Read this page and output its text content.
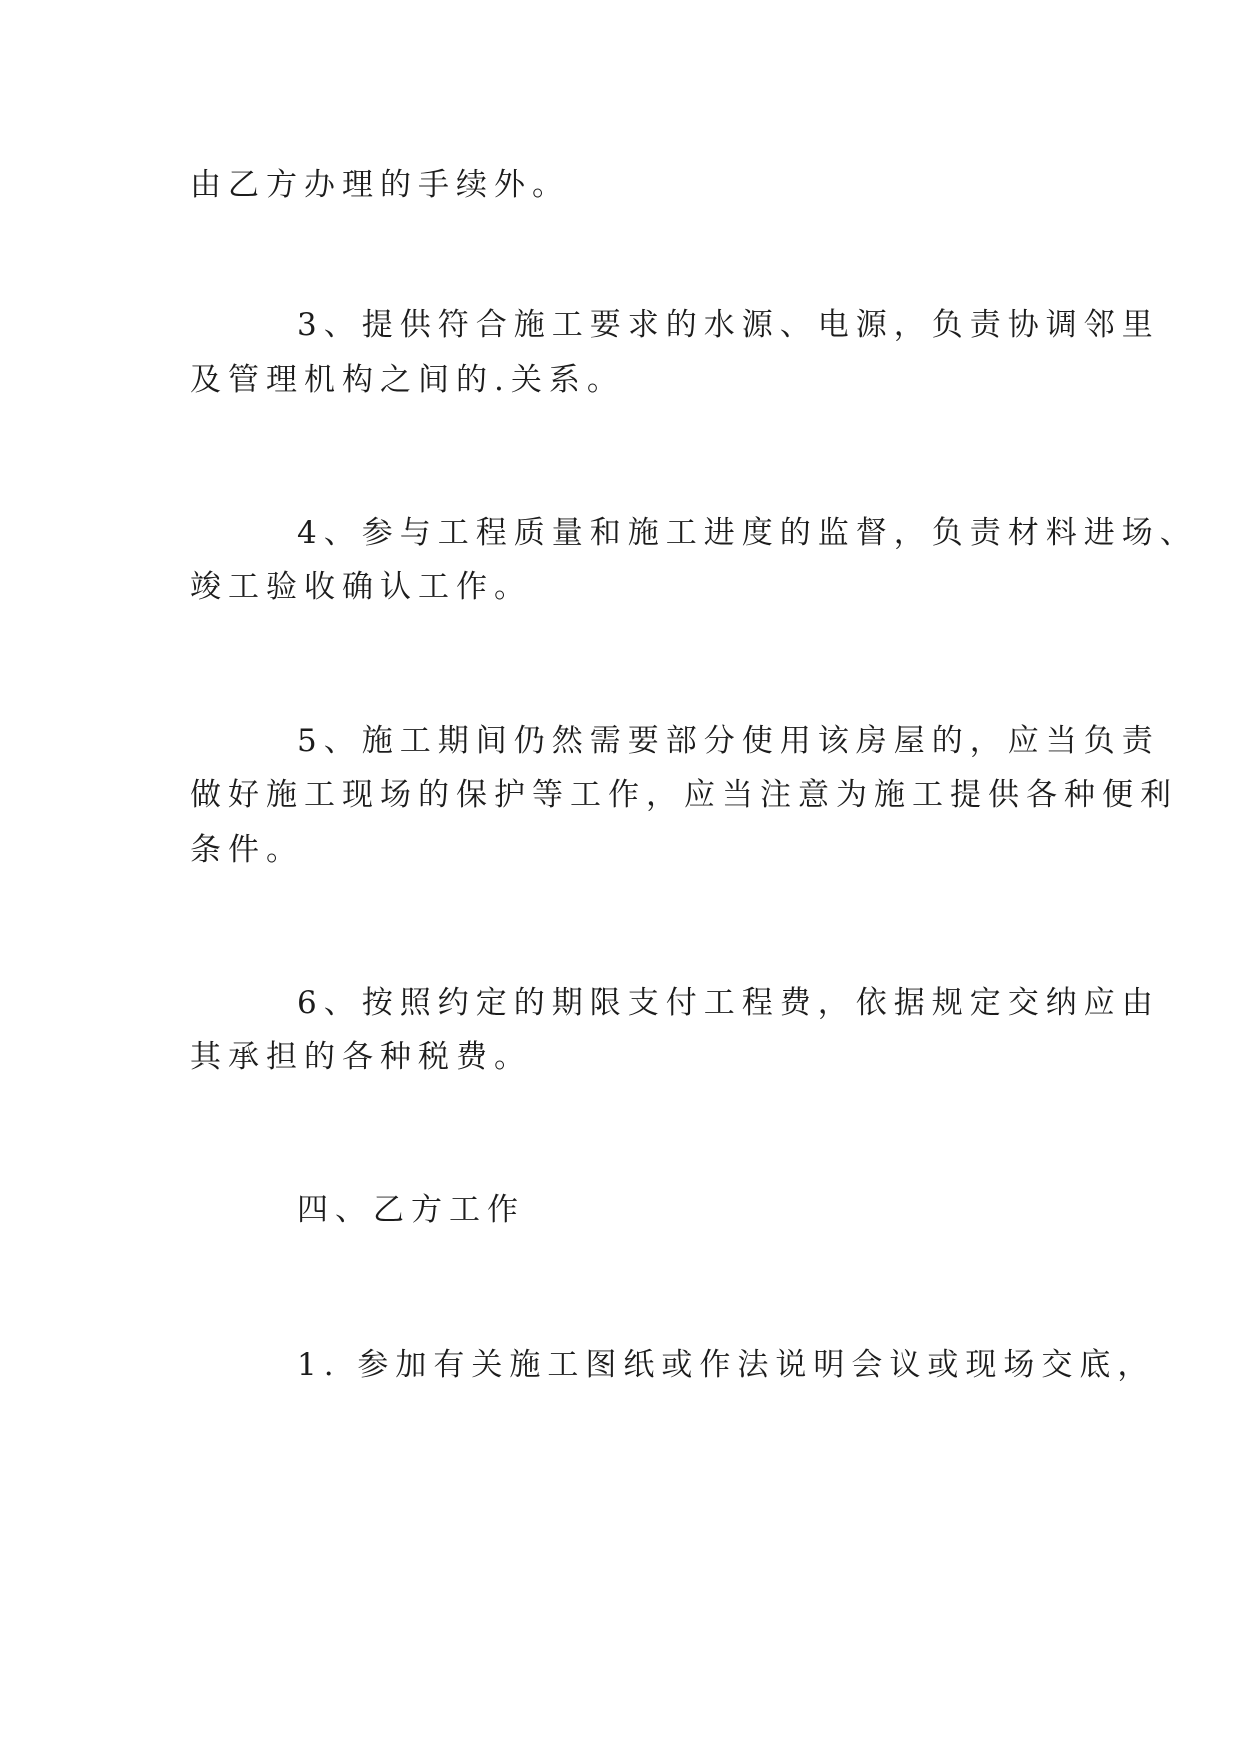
由乙方办理的手续外。
3、提供符合施工要求的水源、电源，负责协调邻里
及管理机构之间的.关系。
4、参与工程质量和施工进度的监督，负责材料进场、
竣工验收确认工作。
5、施工期间仍然需要部分使用该房屋的，应当负责
做好施工现场的保护等工作，应当注意为施工提供各种便利
条件。
6、按照约定的期限支付工程费，依据规定交纳应由
其承担的各种税费。
四、乙方工作
1. 参加有关施工图纸或作法说明会议或现场交底，
